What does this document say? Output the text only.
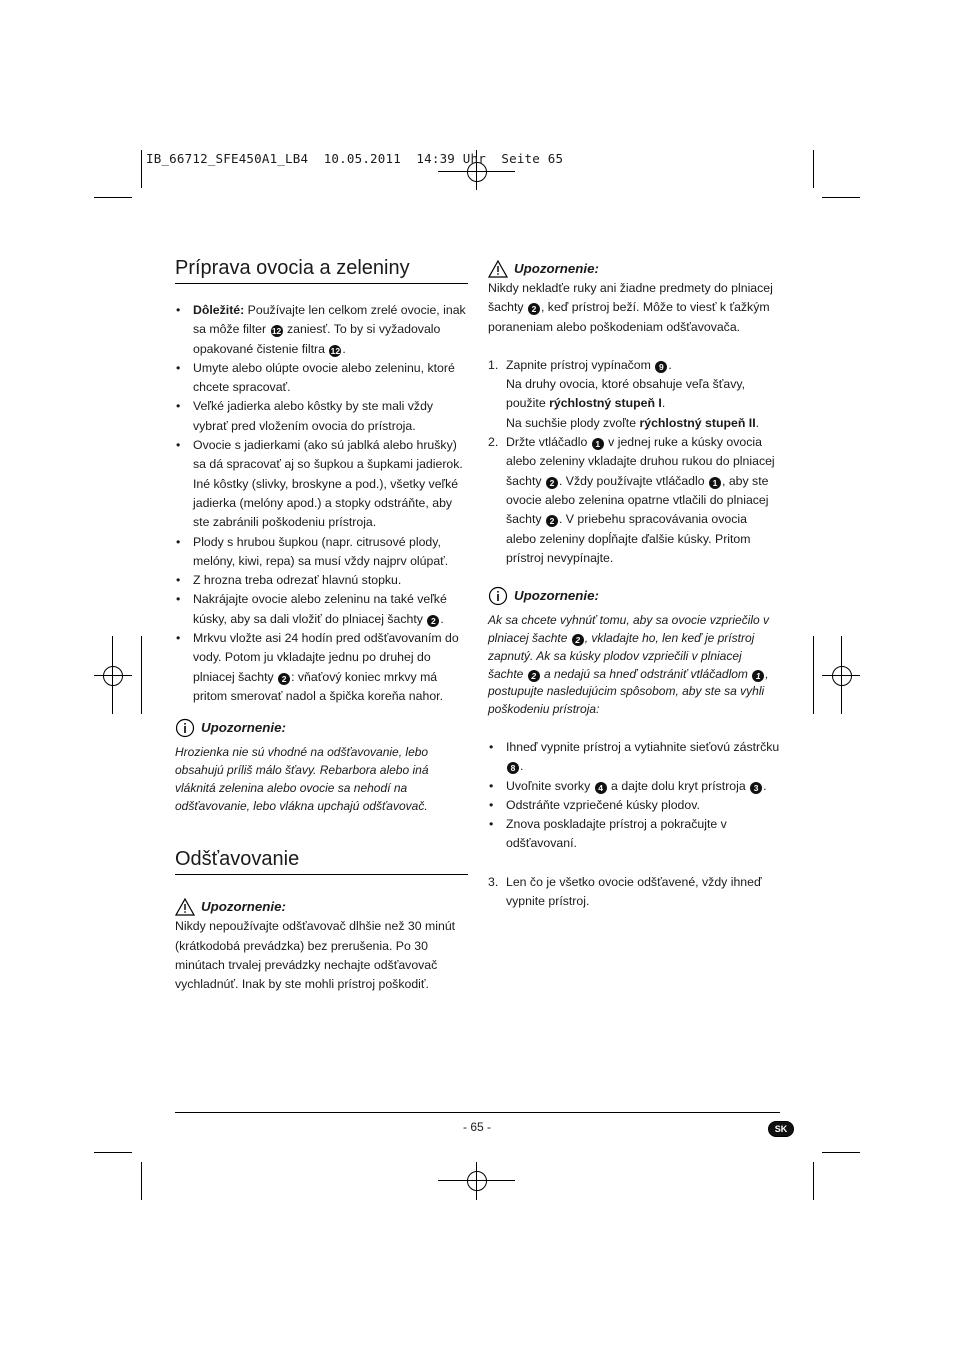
IB_66712_SFE450A1_LB4  10.05.2011  14:39 Uhr  Seite 65
Príprava ovocia a zeleniny
• Dôležité: Používajte len celkom zrelé ovocie, inak sa môže filter 12 zaniesť. To by si vyžadovalo opakované čistenie filtra 12 .
• Umyte alebo olúpte ovocie alebo zeleninu, ktoré chcete spracovať.
• Veľké jadierka alebo kôstky by ste mali vždy vybrať pred vložením ovocia do prístroja.
• Ovocie s jadierkami (ako sú jablká alebo hrušky) sa dá spracovať aj so šupkou a šupkami jadierok. Iné kôstky (slivky, broskyne a pod.), všetky veľké jadierka (melóny apod.) a stopky odstráňte, aby ste zabránili poškodeniu prístroja.
• Plody s hrubou šupkou (napr. citrusové plody, melóny, kiwi, repa) sa musí vždy najprv olúpať.
• Z hrozna treba odrezať hlavnú stopku.
• Nakrájajte ovocie alebo zeleninu na také veľké kúsky, aby sa dali vložiť do plniacej šachty 2 .
• Mrkvu vložte asi 24 hodín pred odšťavovaním do vody. Potom ju vkladajte jednu po druhej do plniacej šachty 2 : vňaťový koniec mrkvy má pritom smerovať nadol a špička koreňa nahor.
Upozornenie:
Hrozienka nie sú vhodné na odšťavovanie, lebo obsahujú príliš málo šťavy. Rebarbora alebo iná vláknitá zelenina alebo ovocie sa nehodí na odšťavovanie, lebo vlákna upchajú odšťavovač.
Odšťavovanie
Upozornenie:
Nikdy nepoužívajte odšťavovač dlhšie než 30 minút (krátkodobá prevádzka) bez prerušenia. Po 30 minútach trvalej prevádzky nechajte odšťavovač vychladnúť. Inak by ste mohli prístroj poškodiť.
Upozornenie:
Nikdy nekladťe ruky ani žiadne predmety do plniacej šachty 2 , keď prístroj beží. Môže to viesť k ťažkým poraneniam alebo poškodeniam odšťavovača.
1. Zapnite prístroj vypínačom 9 .
Na druhy ovocia, ktoré obsahuje veľa šťavy, použite rýchlostný stupeň I.
Na suchšie plody zvoľte rýchlostný stupeň II.
2. Držte vtláčadlo 1 v jednej ruke a kúsky ovocia alebo zeleniny vkladajte druhou rukou do plniacej šachty 2 . Vždy používajte vtláčadlo 1 , aby ste ovocie alebo zelenina opatrne vtlačili do plniacej šachty 2 . V priebehu spracovávania ovocia alebo zeleniny dopĺňajte ďalšie kúsky. Pritom prístroj nevypínajte.
Upozornenie:
Ak sa chcete vyhnúť tomu, aby sa ovocie vzpriečilo v plniacej šachte 2 , vkladajte ho, len keď je prístroj zapnutý. Ak sa kúsky plodov vzpriečili v plniacej šachte 2 a nedajú sa hneď odstrániť vtláčadlom 1 , postupujte nasledujúcim spôsobom, aby ste sa vyhli poškodeniu prístroja:
• Ihneď vypnite prístroj a vytiahnite sieťovú zástrčku 8 .
• Uvoľnite svorky 4 a dajte dolu kryt prístroja 3 .
• Odstráňte vzpriečené kúsky plodov.
• Znova poskladajte prístroj a pokračujte v odšťavovaní.
3. Len čo je všetko ovocie odšťavené, vždy ihneď vypnite prístroj.
- 65 -	SK
